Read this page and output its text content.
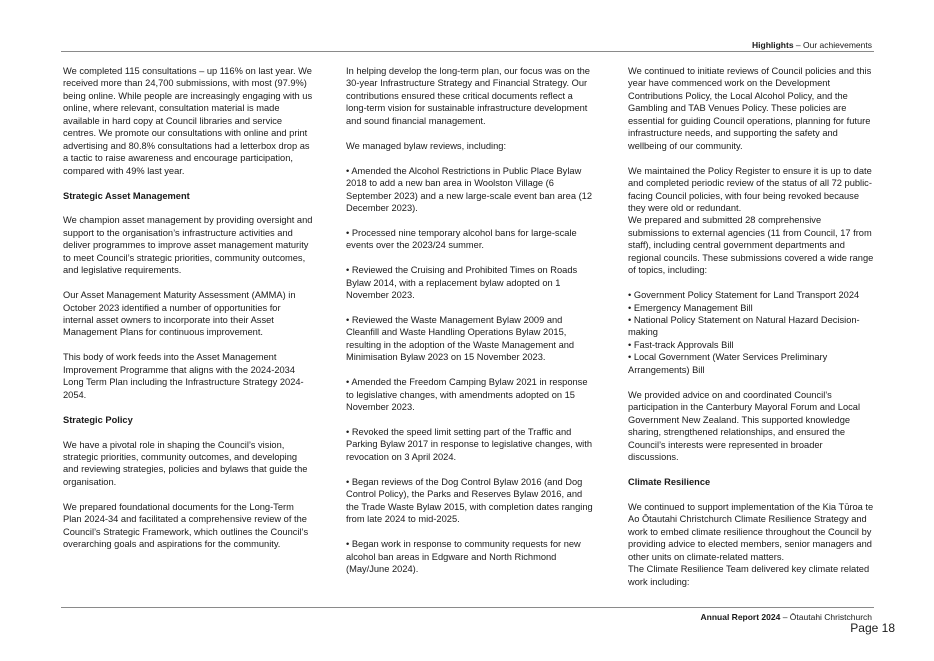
Highlights – Our achievements

We completed 115 consultations – up 116% on last year. We received more than 24,700 submissions, with most (97.9%) being online. While people are increasingly engaging with us online, where relevant, consultation material is made available in hard copy at Council libraries and service centres. We promote our consultations with online and print advertising and 80.8% consultations had a letterbox drop as a tactic to raise awareness and encourage participation, compared with 49% last year.

Strategic Asset Management

We champion asset management by providing oversight and support to the organisation’s infrastructure activities and deliver programmes to improve asset management maturity to meet Council’s strategic priorities, community outcomes, and legislative requirements.

Our Asset Management Maturity Assessment (AMMA) in October 2023 identified a number of opportunities for internal asset owners to incorporate into their Asset Management Plans for continuous improvement.

This body of work feeds into the Asset Management Improvement Programme that aligns with the 2024-2034 Long Term Plan including the Infrastructure Strategy 2024-2054.

Strategic Policy

We have a pivotal role in shaping the Council’s vision, strategic priorities, community outcomes, and developing and reviewing strategies, policies and bylaws that guide the organisation.

We prepared foundational documents for the Long-Term Plan 2024-34 and facilitated a comprehensive review of the Council’s Strategic Framework, which outlines the Council’s overarching goals and aspirations for the community.

In helping develop the long-term plan, our focus was on the 30-year Infrastructure Strategy and Financial Strategy. Our contributions ensured these critical documents reflect a long-term vision for sustainable infrastructure development and sound financial management.

We managed bylaw reviews, including:

• Amended the Alcohol Restrictions in Public Place Bylaw 2018 to add a new ban area in Woolston Village (6 September 2023) and a new large-scale event ban area (12 December 2023).

• Processed nine temporary alcohol bans for large-scale events over the 2023/24 summer.

• Reviewed the Cruising and Prohibited Times on Roads Bylaw 2014, with a replacement bylaw adopted on 1 November 2023.

• Reviewed the Waste Management Bylaw 2009 and Cleanfill and Waste Handling Operations Bylaw 2015, resulting in the adoption of the Waste Management and Minimisation Bylaw 2023 on 15 November 2023.

• Amended the Freedom Camping Bylaw 2021 in response to legislative changes, with amendments adopted on 15 November 2023.

• Revoked the speed limit setting part of the Traffic and Parking Bylaw 2017 in response to legislative changes, with revocation on 3 April 2024.

• Began reviews of the Dog Control Bylaw 2016 (and Dog Control Policy), the Parks and Reserves Bylaw 2016, and the Trade Waste Bylaw 2015, with completion dates ranging from late 2024 to mid-2025.

• Began work in response to community requests for new alcohol ban areas in Edgware and North Richmond (May/June 2024).

We continued to initiate reviews of Council policies and this year have commenced work on the Development Contributions Policy, the Local Alcohol Policy, and the Gambling and TAB Venues Policy. These policies are essential for guiding Council operations, planning for future infrastructure needs, and supporting the safety and wellbeing of our community.

We maintained the Policy Register to ensure it is up to date and completed periodic review of the status of all 72 public-facing Council policies, with four being revoked because they were old or redundant.

We prepared and submitted 28 comprehensive submissions to external agencies (11 from Council, 17 from staff), including central government departments and regional councils. These submissions covered a wide range of topics, including:

• Government Policy Statement for Land Transport 2024
• Emergency Management Bill
• National Policy Statement on Natural Hazard Decision-making
• Fast-track Approvals Bill
• Local Government (Water Services Preliminary Arrangements) Bill

We provided advice on and coordinated Council’s participation in the Canterbury Mayoral Forum and Local Government New Zealand. This supported knowledge sharing, strengthened relationships, and ensured the Council’s interests were represented in broader discussions.

Climate Resilience

We continued to support implementation of the Kia Tūroa te Ao Ōtautahi Christchurch Climate Resilience Strategy and work to embed climate resilience throughout the Council by providing advice to elected members, senior managers and other units on climate-related matters.

The Climate Resilience Team delivered key climate related work including:

Annual Report 2024 – Ōtautahi Christchurch
Page 18
